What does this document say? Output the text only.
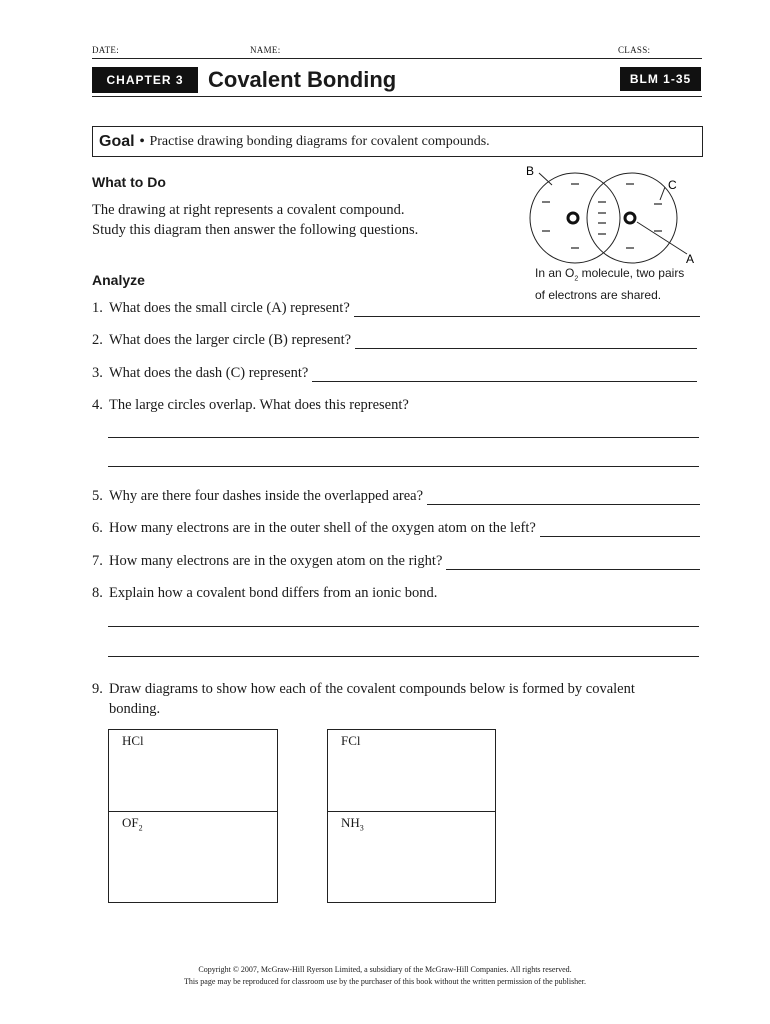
DATE:	NAME:	CLASS:
CHAPTER 3	Covalent Bonding	BLM 1-35
Goal • Practise drawing bonding diagrams for covalent compounds.
What to Do
The drawing at right represents a covalent compound.
Study this diagram then answer the following questions.
B
C
A
In an $O_2$ molecule, two pairs
of electrons are shared.
Analyze
1. What does the small circle (A) represent?
2. What does the larger circle (B) represent?
3. What does the dash (C) represent?
4. The large circles overlap. What does this represent?
5. Why are there four dashes inside the overlapped area?
6. How many electrons are in the outer shell of the oxygen atom on the left?
7. How many electrons are in the oxygen atom on the right?
8. Explain how a covalent bond differs from an ionic bond.
9. Draw diagrams to show how each of the covalent compounds below is formed by covalent
bonding.
HCl
$OF_2$
FCl
$NH_3$
Copyright © 2007, McGraw-Hill Ryerson Limited, a subsidiary of the McGraw-Hill Companies. All rights reserved.
This page may be reproduced for classroom use by the purchaser of this book without the written permission of the publisher.
